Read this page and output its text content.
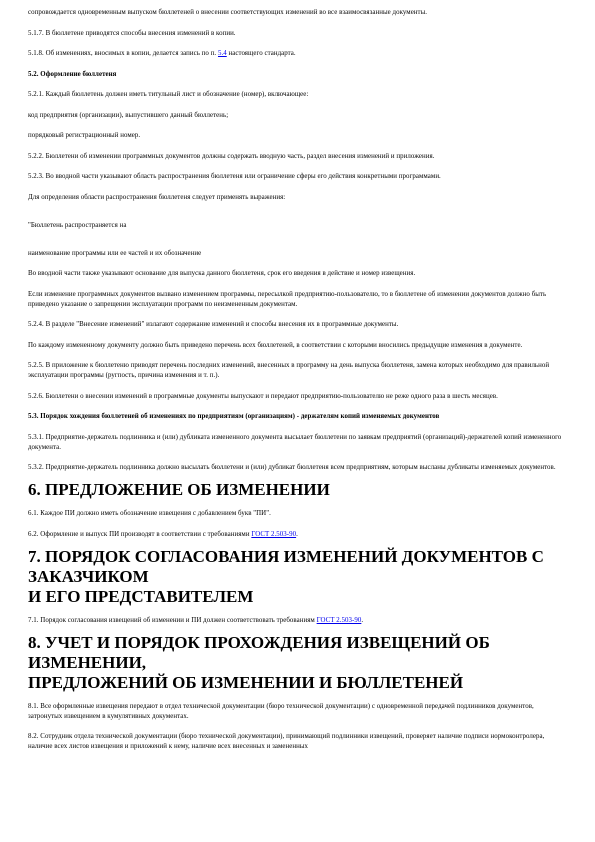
сопровождается одновременным выпуском бюллетеней о внесении соответствующих изменений во все взаимосвязанные документы.

5.1.7. В бюллетене приводятся способы внесения изменений в копии.

5.1.8. Об изменениях, вносимых в копии, делается запись по п. 5.4 настоящего стандарта.

5.2. Оформление бюллетеня

5.2.1. Каждый бюллетень должен иметь титульный лист и обозначение (номер), включающее:

код предприятия (организации), выпустившего данный бюллетень;

порядковый регистрационный номер.

5.2.2. Бюллетени об изменении программных документов должны содержать вводную часть, раздел внесения изменений и приложения.

5.2.3. Во вводной части указывают область распространения бюллетеня или ограничение сферы его действия конкретными программами.

Для определения области распространения бюллетеня следует применять выражения:

"Бюллетень распространяется на

наименование программы или ее частей и их обозначение

Во вводной части также указывают основание для выпуска данного бюллетеня, срок его введения в действие и номер извещения.

Если изменение программных документов вызвано изменением программы, пересылкой предприятию-пользователю, то в бюллетене об изменении документов должно быть приведено указание о запрещении эксплуатации программ по неизмененным документам.

5.2.4. В разделе "Внесение изменений" излагают содержание изменений и способы внесения их в программные документы.

По каждому измененному документу должно быть приведено перечень всех бюллетеней, в соответствии с которыми вносились предыдущие изменения в документе.

5.2.5. В приложение к бюллетеню приводят перечень последних изменений, внесенных в программу на день выпуска бюллетеня, замена которых необходимо для правильной эксплуатации программы (ругпость, причина изменения и т. п.).

5.2.6. Бюллетени о внесении изменений в программные документы выпускают и передают предприятию-пользователю не реже одного раза в шесть месяцев.

5.3. Порядок хождения бюллетеней об изменениях по предприятиям (организациям) - держателям копий изменяемых документов

5.3.1. Предприятие-держатель подлинника и (или) дубликата измененного документа высылает бюллетени по заявкам предприятий (организаций)-держателей копий измененного документа.

5.3.2. Предприятие-держатель подлинника должно высылать бюллетени и (или) дубликат бюллетеня всем предприятиям, которым высланы дубликаты изменяемых документов.

6. ПРЕДЛОЖЕНИЕ ОБ ИЗМЕНЕНИИ

6.1. Каждое ПИ должно иметь обозначение извещения с добавлением букв "ПИ".

6.2. Оформление и выпуск ПИ производят в соответствии с требованиями ГОСТ 2.503-90.

7. ПОРЯДОК СОГЛАСОВАНИЯ ИЗМЕНЕНИЙ ДОКУМЕНТОВ С
ЗАКАЗЧИКОМ
И ЕГО ПРЕДСТАВИТЕЛЕМ

7.1. Порядок согласования извещений об изменении и ПИ должен соответствовать требованиям ГОСТ 2.503-90.

8. УЧЕТ И ПОРЯДОК ПРОХОЖДЕНИЯ ИЗВЕЩЕНИЙ ОБ
ИЗМЕНЕНИИ,
ПРЕДЛОЖЕНИЙ ОБ ИЗМЕНЕНИИ И БЮЛЛЕТЕНЕЙ

8.1. Все оформленные извещения передают в отдел технической документации (бюро технической документации) с одновременной передачей подлинников документов, затронутых извещением в кумулятивных документах.

8.2. Сотрудник отдела технической документации (бюро технической документации), принимающий подлинники извещений, проверяет наличие подписи нормоконтролера, наличие всех листов извещения и приложений к нему, наличие всех внесенных и замененных
